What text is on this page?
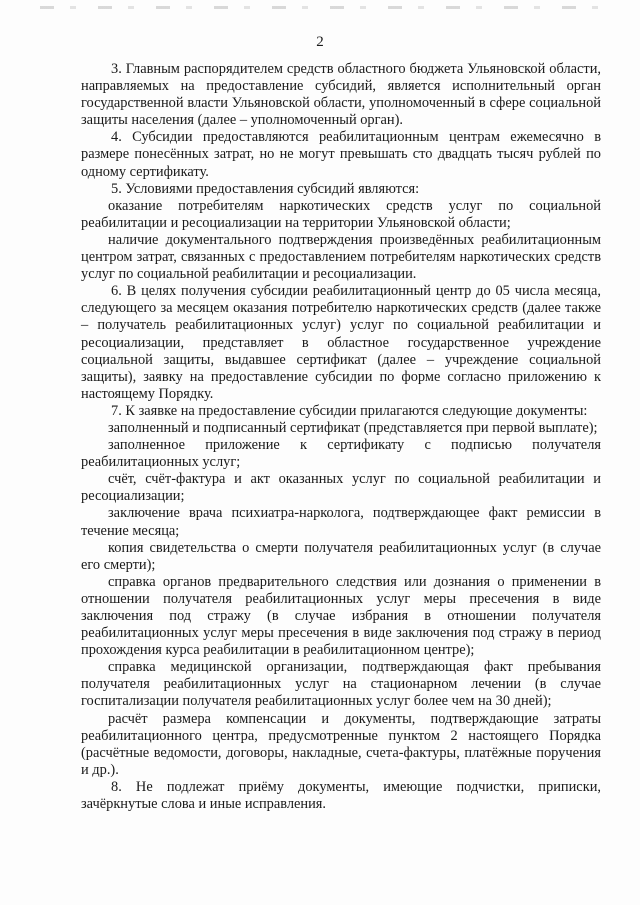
2

3. Главным распорядителем средств областного бюджета Ульяновской области, направляемых на предоставление субсидий, является исполнительный орган государственной власти Ульяновской области, уполномоченный в сфере социальной защиты населения (далее – уполномоченный орган).

4. Субсидии предоставляются реабилитационным центрам ежемесячно в размере понесённых затрат, но не могут превышать сто двадцать тысяч рублей по одному сертификату.

5. Условиями предоставления субсидий являются:

оказание потребителям наркотических средств услуг по социальной реабилитации и ресоциализации на территории Ульяновской области;

наличие документального подтверждения произведённых реабилитационным центром затрат, связанных с предоставлением потребителям наркотических средств услуг по социальной реабилитации и ресоциализации.

6. В целях получения субсидии реабилитационный центр до 05 числа месяца, следующего за месяцем оказания потребителю наркотических средств (далее также – получатель реабилитационных услуг) услуг по социальной реабилитации и ресоциализации, представляет в областное государственное учреждение социальной защиты, выдавшее сертификат (далее – учреждение социальной защиты), заявку на предоставление субсидии по форме согласно приложению к настоящему Порядку.

7. К заявке на предоставление субсидии прилагаются следующие документы:

заполненный и подписанный сертификат (представляется при первой выплате);

заполненное приложение к сертификату с подписью получателя реабилитационных услуг;

счёт, счёт-фактура и акт оказанных услуг по социальной реабилитации и ресоциализации;

заключение врача психиатра-нарколога, подтверждающее факт ремиссии в течение месяца;

копия свидетельства о смерти получателя реабилитационных услуг (в случае его смерти);

справка органов предварительного следствия или дознания о применении в отношении получателя реабилитационных услуг меры пресечения в виде заключения под стражу (в случае избрания в отношении получателя реабилитационных услуг меры пресечения в виде заключения под стражу в период прохождения курса реабилитации в реабилитационном центре);

справка медицинской организации, подтверждающая факт пребывания получателя реабилитационных услуг на стационарном лечении (в случае госпитализации получателя реабилитационных услуг более чем на 30 дней);

расчёт размера компенсации и документы, подтверждающие затраты реабилитационного центра, предусмотренные пунктом 2 настоящего Порядка (расчётные ведомости, договоры, накладные, счета-фактуры, платёжные поручения и др.).

8. Не подлежат приёму документы, имеющие подчистки, приписки, зачёркнутые слова и иные исправления.
